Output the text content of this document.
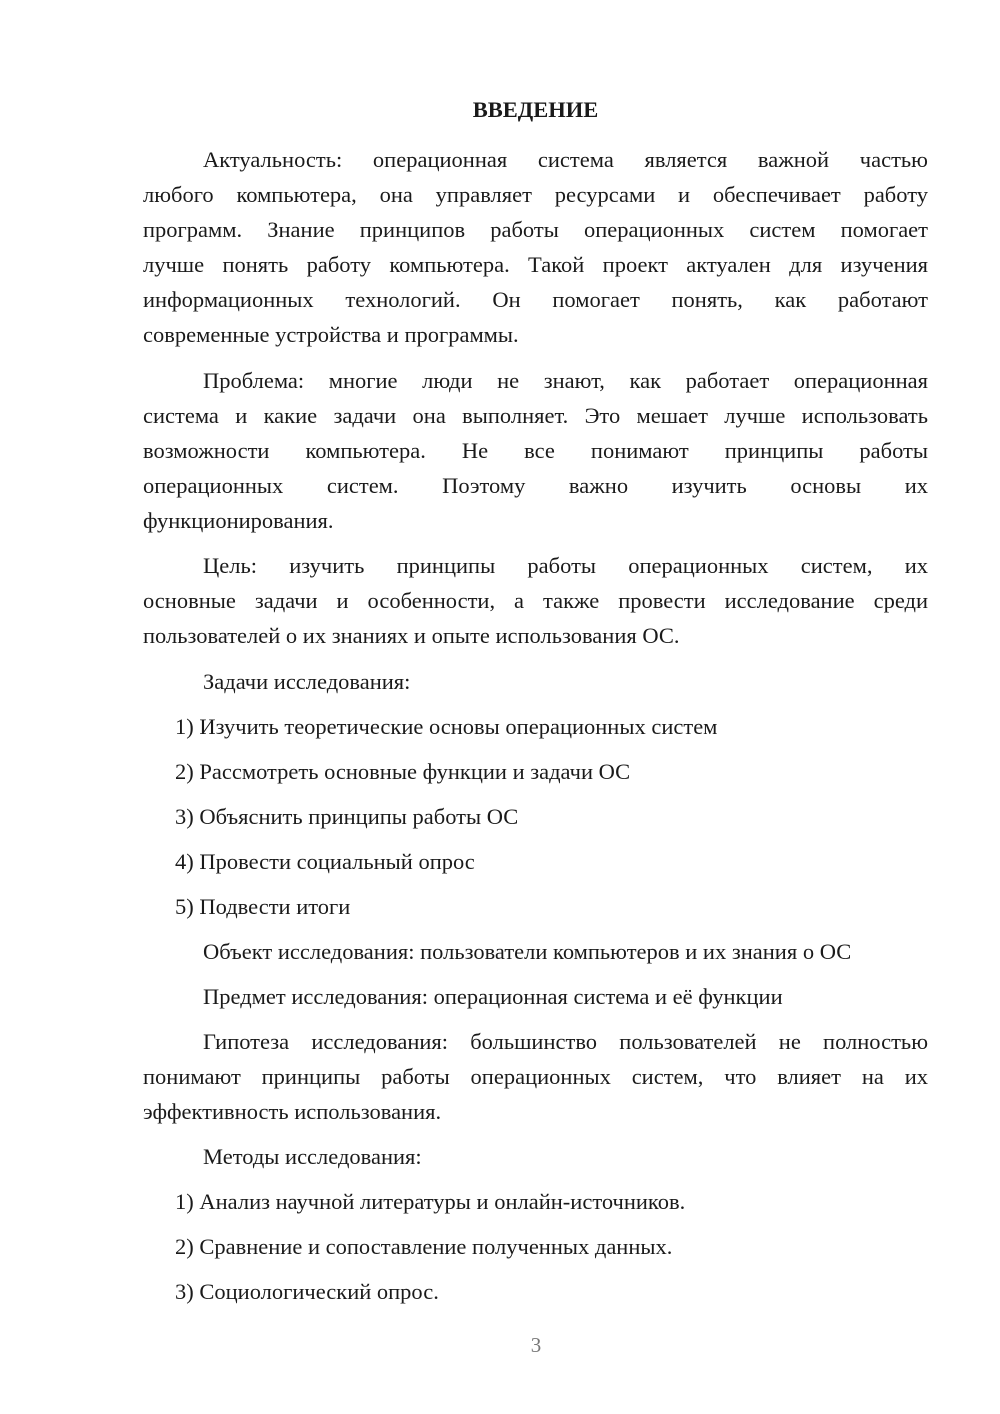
ВВЕДЕНИЕ
Актуальность: операционная система является важной частью
любого компьютера, она управляет ресурсами и обеспечивает работу
программ. Знание принципов работы операционных систем помогает
лучше понять работу компьютера. Такой проект актуален для изучения
информационных технологий. Он помогает понять, как работают
современные устройства и программы.
Проблема: многие люди не знают, как работает операционная
система и какие задачи она выполняет. Это мешает лучше использовать
возможности компьютера. Не все понимают принципы работы
операционных систем. Поэтому важно изучить основы их
функционирования.
Цель: изучить принципы работы операционных систем, их
основные задачи и особенности, а также провести исследование среди
пользователей о их знаниях и опыте использования ОС.
Задачи исследования:
1) Изучить теоретические основы операционных систем
2) Рассмотреть основные функции и задачи ОС
3) Объяснить принципы работы ОС
4) Провести социальный опрос
5) Подвести итоги
Объект исследования: пользователи компьютеров и их знания о ОС
Предмет исследования: операционная система и её функции
Гипотеза исследования: большинство пользователей не полностью
понимают принципы работы операционных систем, что влияет на их
эффективность использования.
Методы исследования:
1) Анализ научной литературы и онлайн-источников.
2) Сравнение и сопоставление полученных данных.
3) Социологический опрос.
3
